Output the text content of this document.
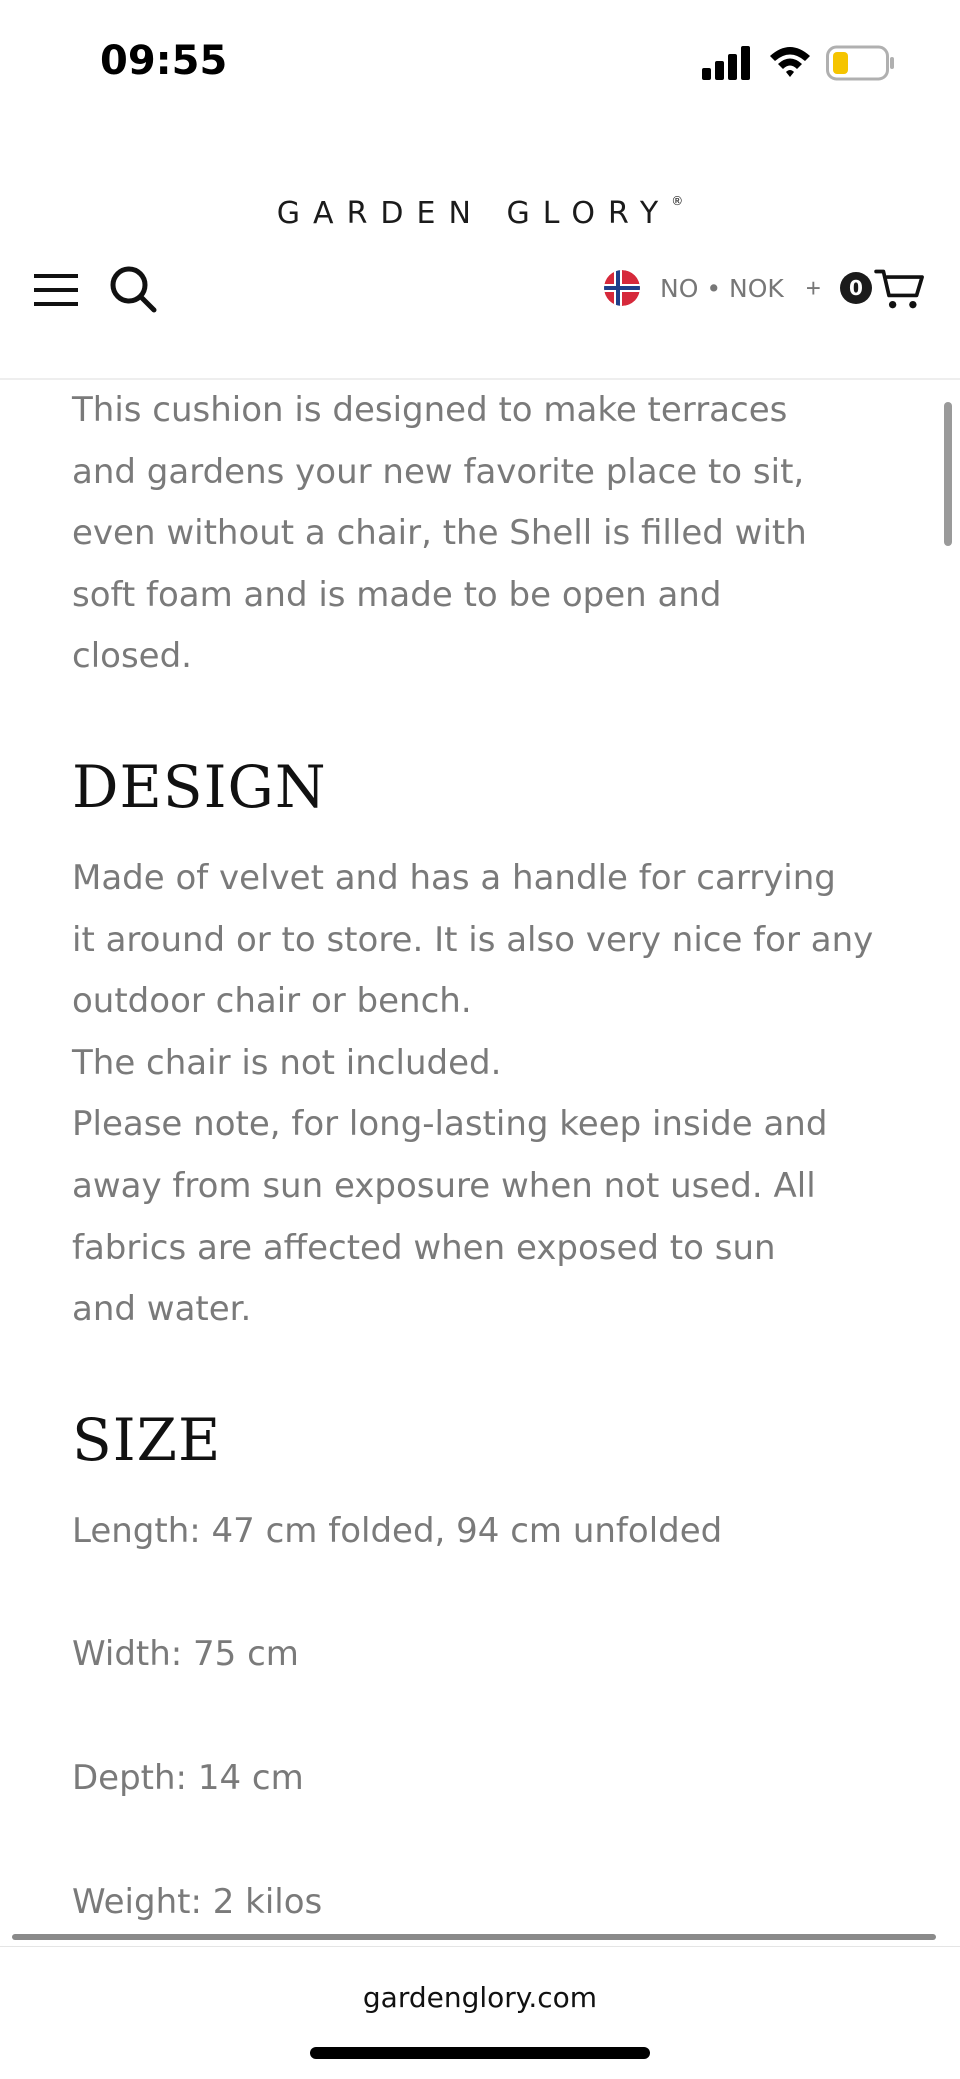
09:55
GARDEN GLORY®
NO • NOK +	0

This cushion is designed to make terraces
and gardens your new favorite place to sit,
even without a chair, the Shell is filled with
soft foam and is made to be open and
closed.

DESIGN

Made of velvet and has a handle for carrying
it around or to store. It is also very nice for any
outdoor chair or bench.
The chair is not included.
Please note, for long-lasting keep inside and
away from sun exposure when not used. All
fabrics are affected when exposed to sun
and water.

SIZE

Length: 47 cm folded, 94 cm unfolded

Width: 75 cm

Depth: 14 cm

Weight: 2 kilos

gardenglory.com
